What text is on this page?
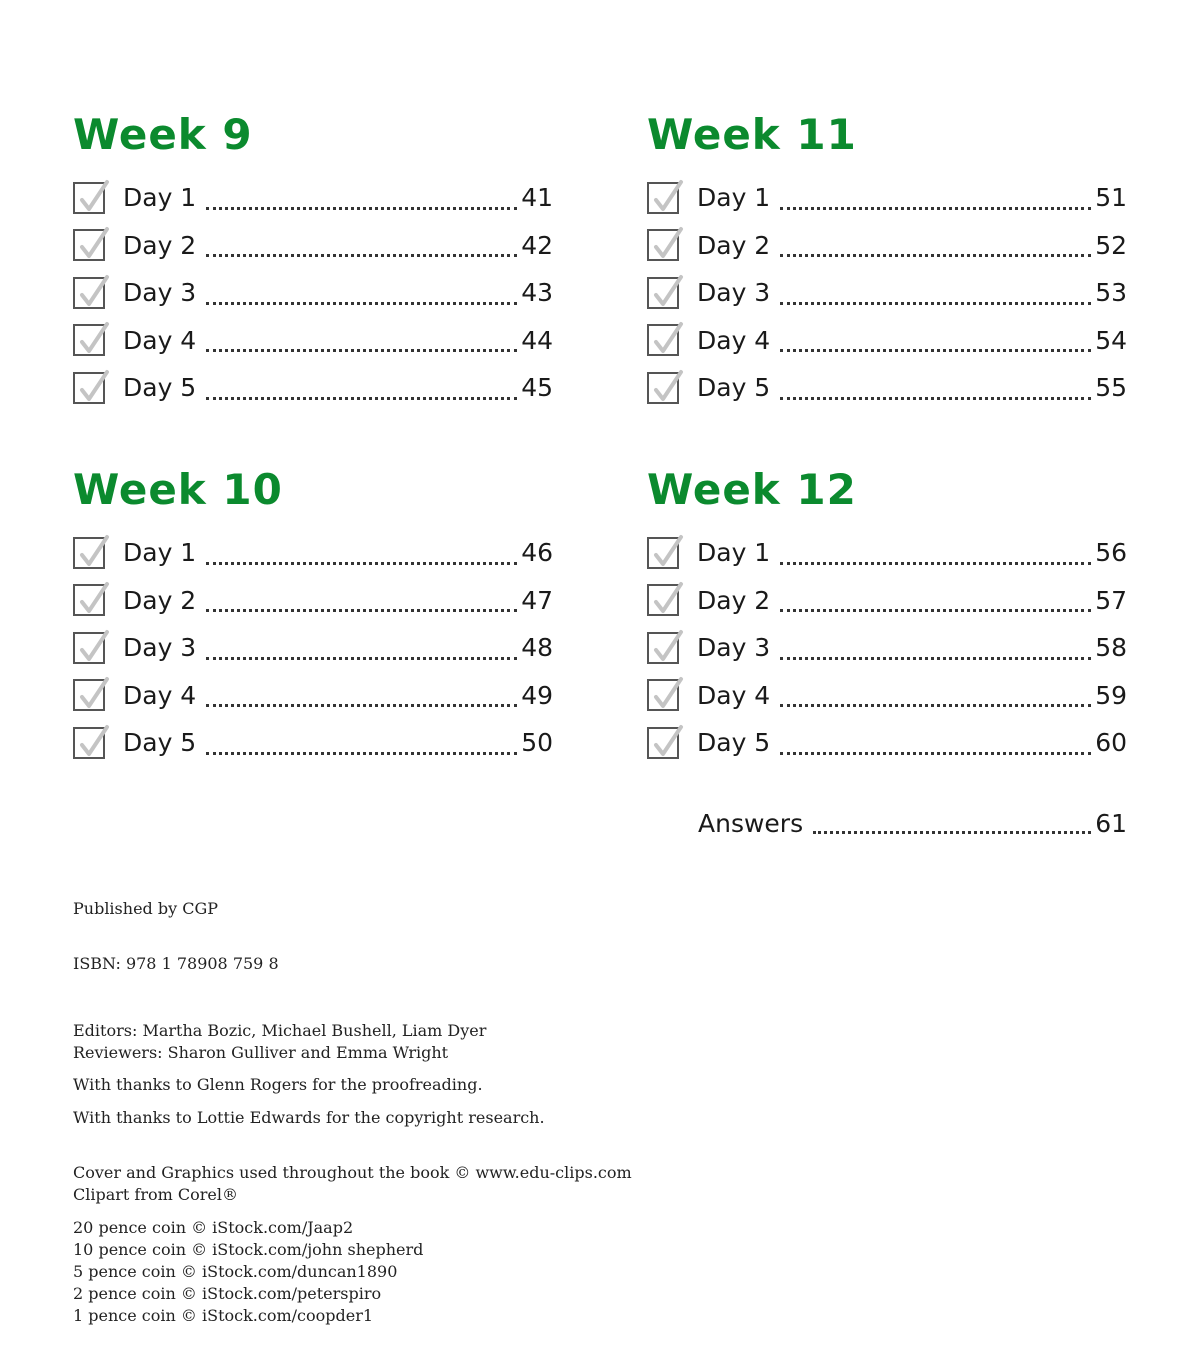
Week 9
Day 1	41
Day 2	42
Day 3	43
Day 4	44
Day 5	45
Week 11
Day 1	51
Day 2	52
Day 3	53
Day 4	54
Day 5	55
Week 10
Day 1	46
Day 2	47
Day 3	48
Day 4	49
Day 5	50
Week 12
Day 1	56
Day 2	57
Day 3	58
Day 4	59
Day 5	60
Answers	61
Published by CGP
ISBN: 978 1 78908 759 8
Editors: Martha Bozic, Michael Bushell, Liam Dyer
Reviewers: Sharon Gulliver and Emma Wright
With thanks to Glenn Rogers for the proofreading.
With thanks to Lottie Edwards for the copyright research.
Cover and Graphics used throughout the book © www.edu-clips.com
Clipart from Corel®
20 pence coin © iStock.com/Jaap2
10 pence coin © iStock.com/john shepherd
5 pence coin © iStock.com/duncan1890
2 pence coin © iStock.com/peterspiro
1 pence coin © iStock.com/coopder1
